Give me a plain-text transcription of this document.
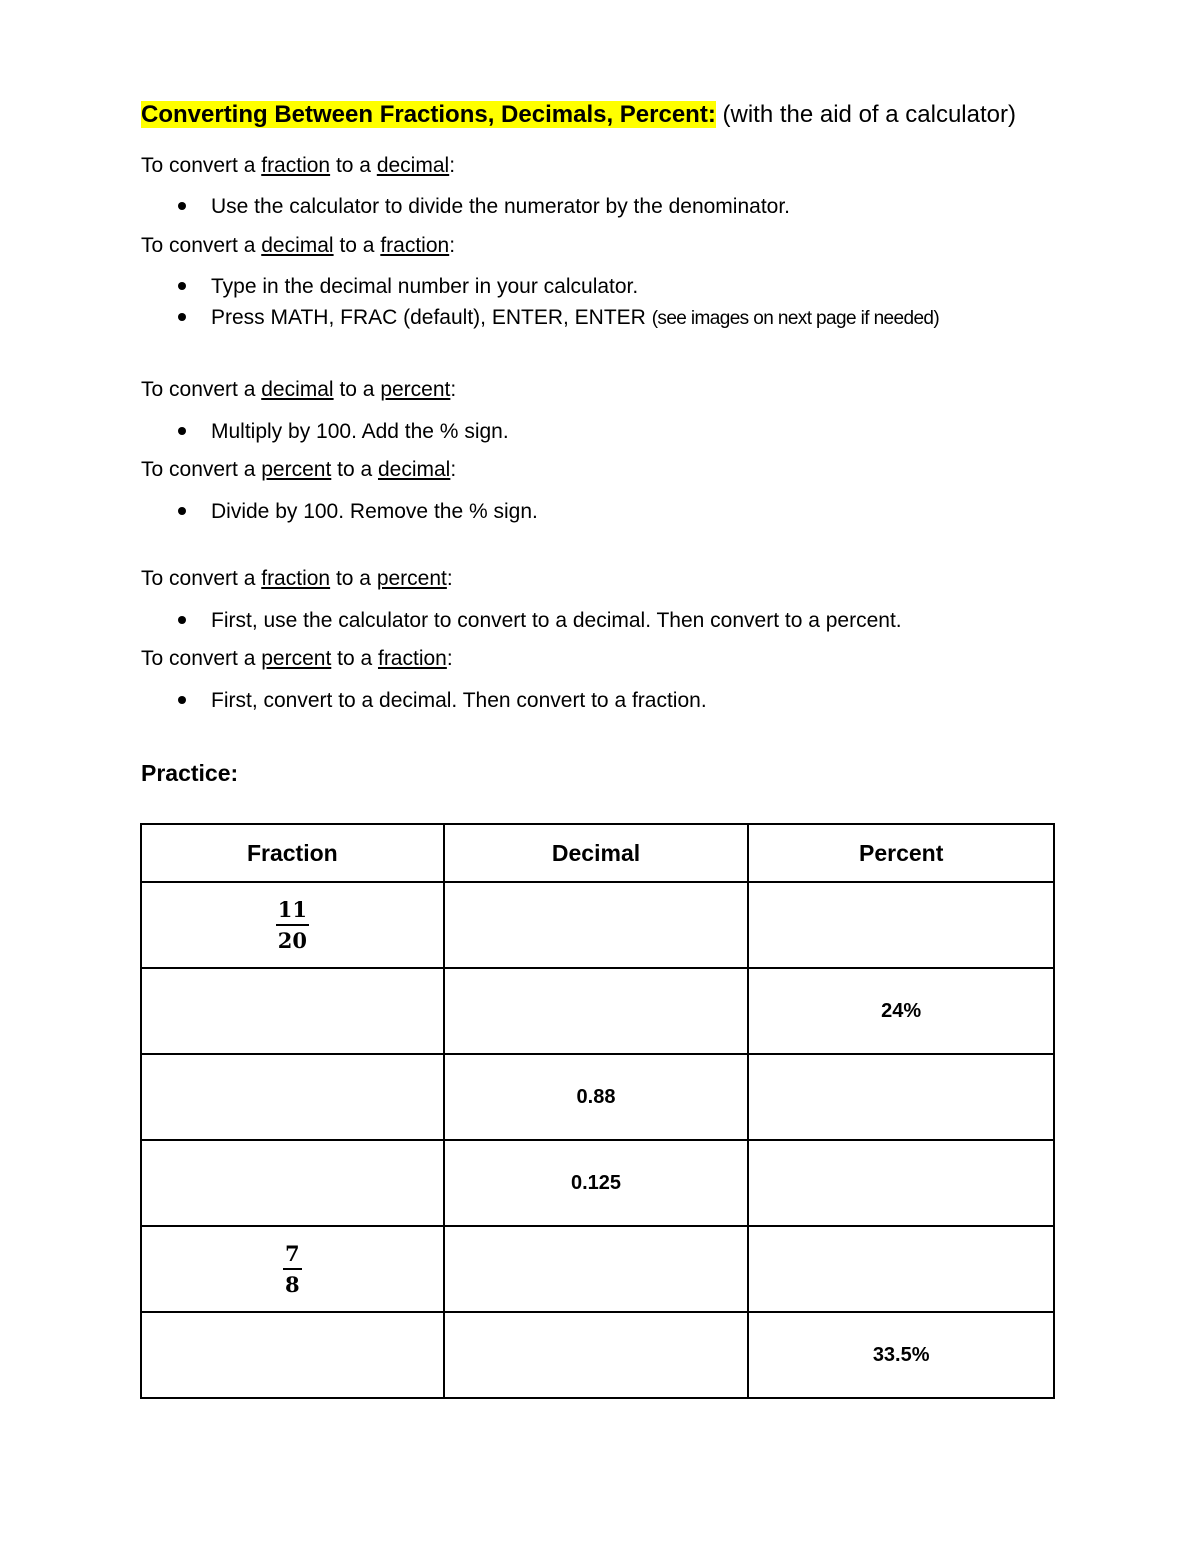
Converting Between Fractions, Decimals, Percent: (with the aid of a calculator)

To convert a fraction to a decimal:

Use the calculator to divide the numerator by the denominator.

To convert a decimal to a fraction:

Type in the decimal number in your calculator.
Press MATH, FRAC (default), ENTER, ENTER (see images on next page if needed)

To convert a decimal to a percent:

Multiply by 100. Add the % sign.

To convert a percent to a decimal:

Divide by 100. Remove the % sign.

To convert a fraction to a percent:

First, use the calculator to convert to a decimal. Then convert to a percent.

To convert a percent to a fraction:

First, convert to a decimal. Then convert to a fraction.

Practice:

Fraction	Decimal	Percent

$\frac{11}{20}$

		24%
	0.88	
	0.125	

$\frac{7}{8}$

		33.5%
